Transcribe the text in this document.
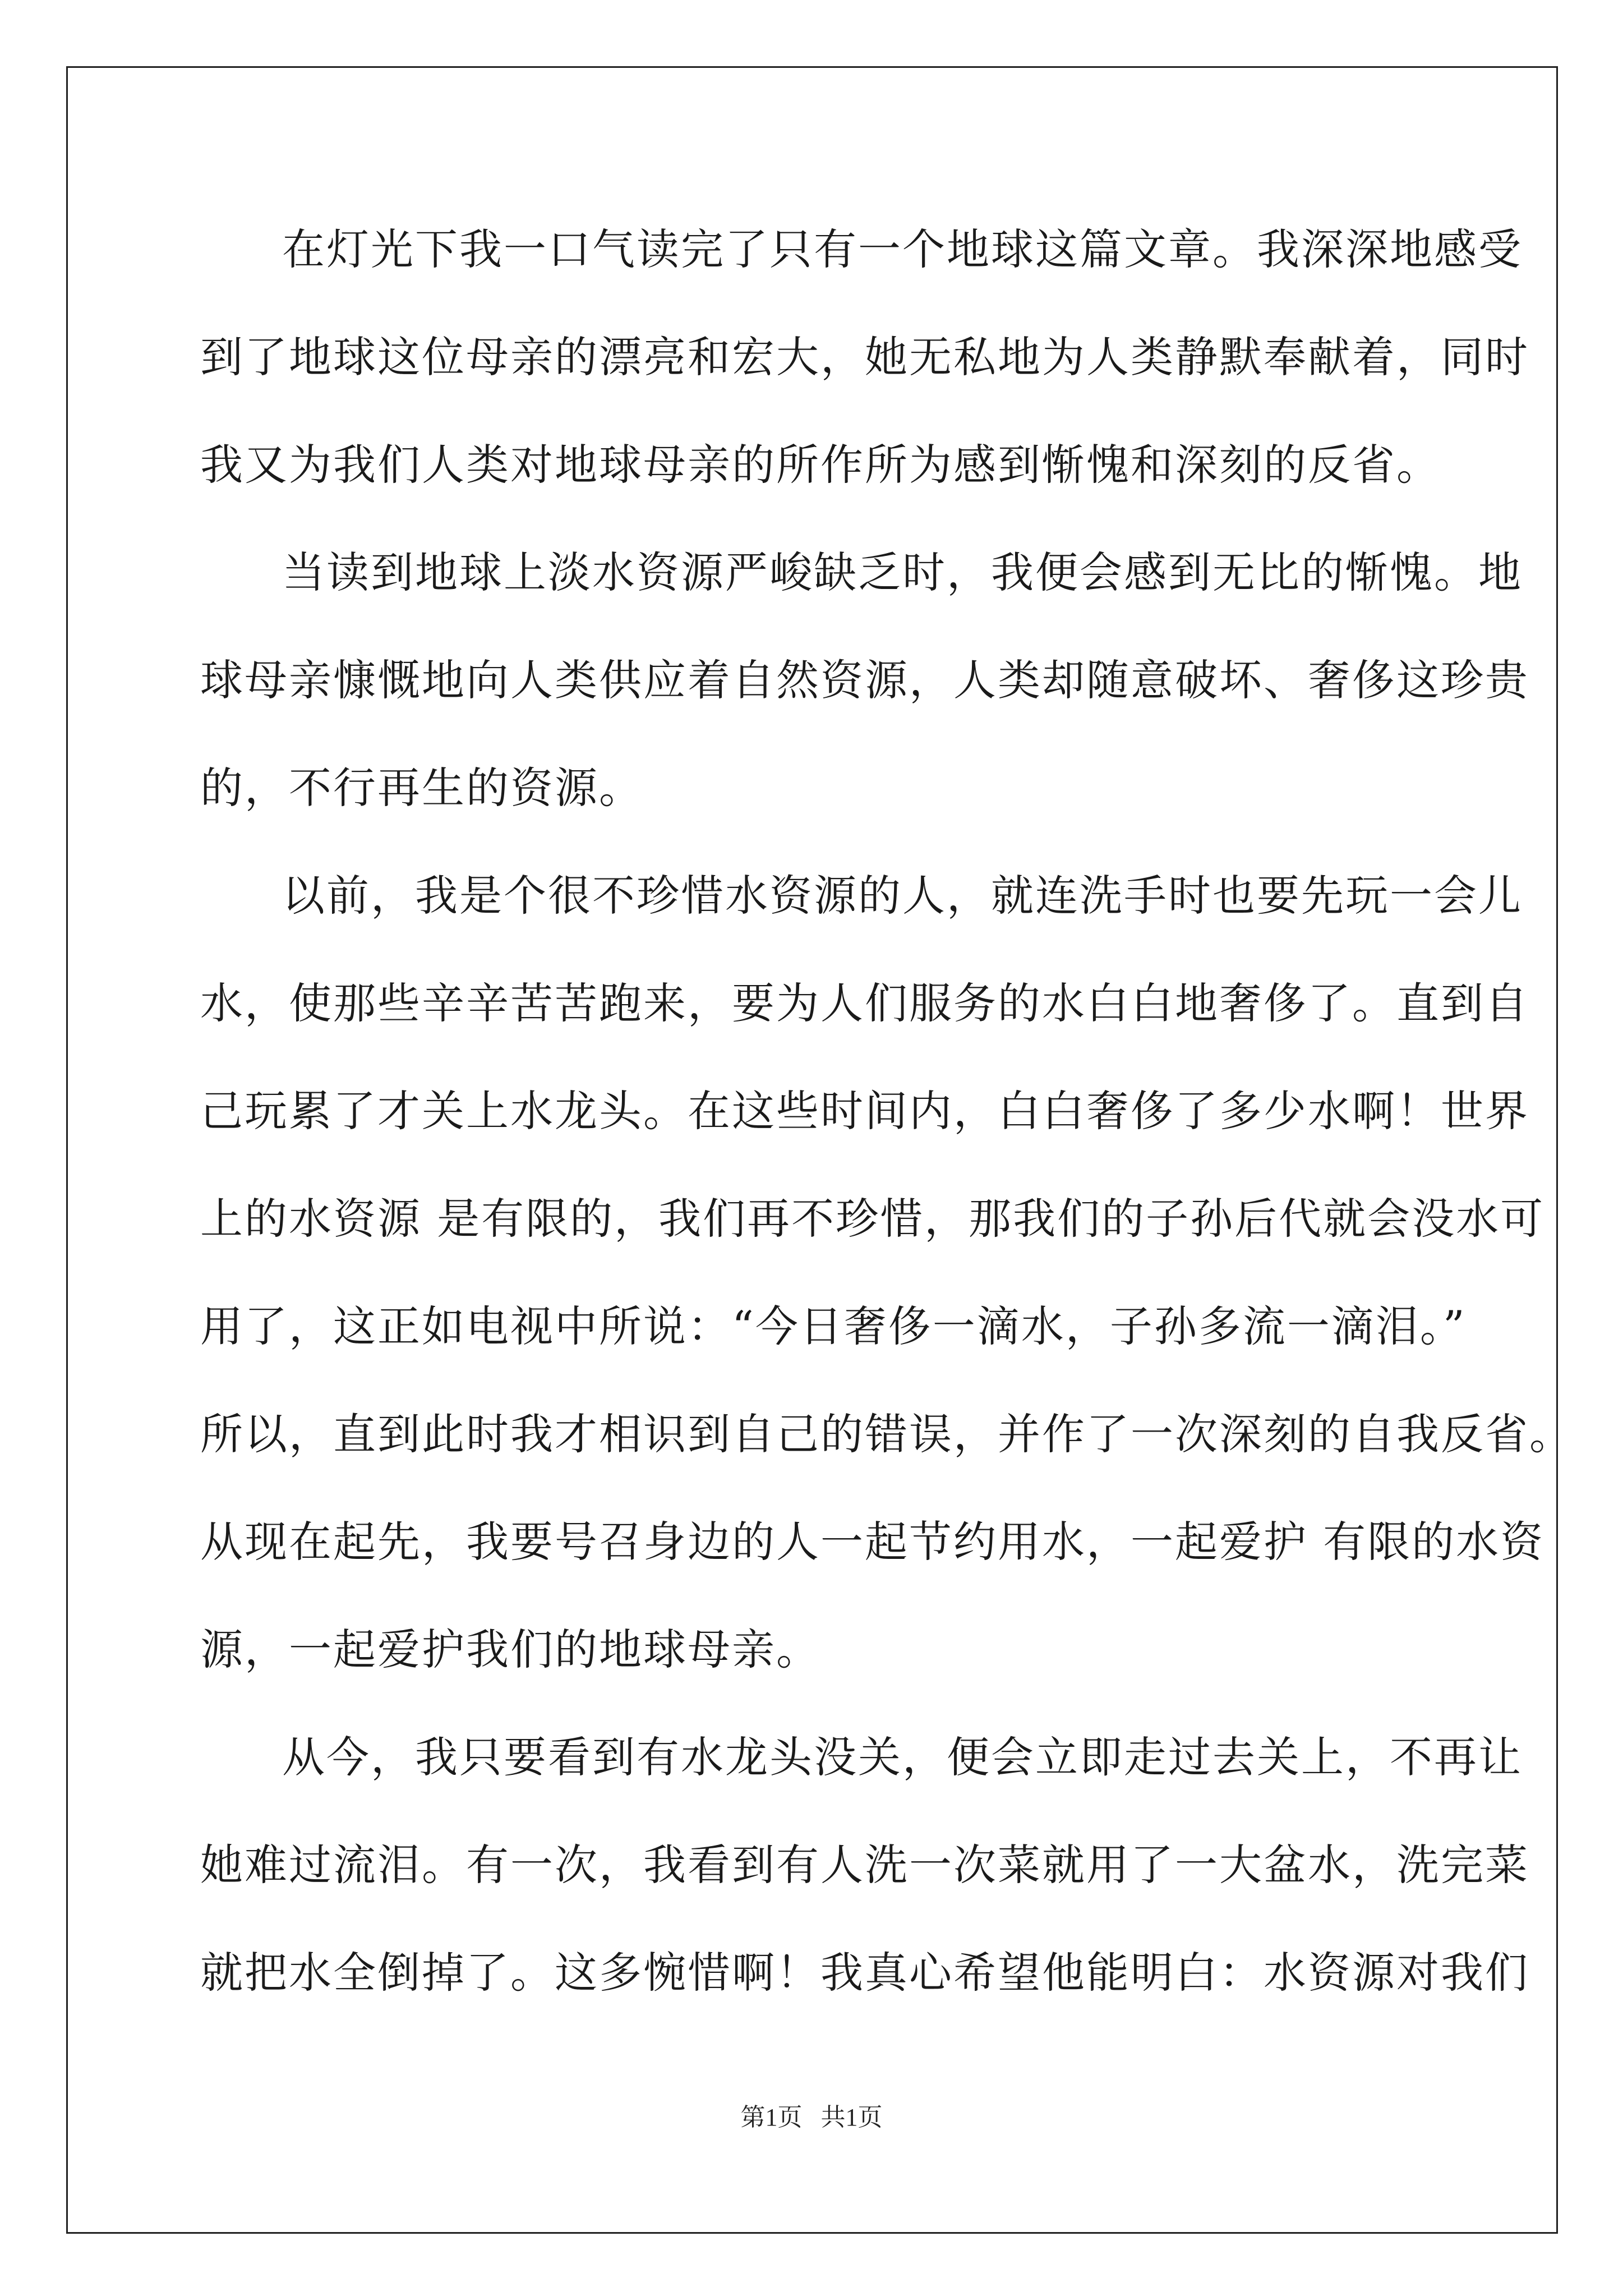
在灯光下我一口气读完了只有一个地球这篇文章。我深深地感受
到了地球这位母亲的漂亮和宏大，她无私地为人类静默奉献着，同时
我又为我们人类对地球母亲的所作所为感到惭愧和深刻的反省。
当读到地球上淡水资源严峻缺乏时，我便会感到无比的惭愧。地
球母亲慷慨地向人类供应着自然资源，人类却随意破坏、奢侈这珍贵
的，不行再生的资源。
以前，我是个很不珍惜水资源的人，就连洗手时也要先玩一会儿
水，使那些辛辛苦苦跑来，要为人们服务的水白白地奢侈了。直到自
己玩累了才关上水龙头。在这些时间内，白白奢侈了多少水啊！世界
上的水资源 是有限的，我们再不珍惜，那我们的子孙后代就会没水可
用了，这正如电视中所说：“今日奢侈一滴水，子孙多流一滴泪。”
所以，直到此时我才相识到自己的错误，并作了一次深刻的自我反省。
从现在起先，我要号召身边的人一起节约用水，一起爱护 有限的水资
源，一起爱护我们的地球母亲。
从今，我只要看到有水龙头没关，便会立即走过去关上，不再让
她难过流泪。有一次，我看到有人洗一次菜就用了一大盆水，洗完菜
就把水全倒掉了。这多惋惜啊！我真心希望他能明白：水资源对我们
第1页   共1页
